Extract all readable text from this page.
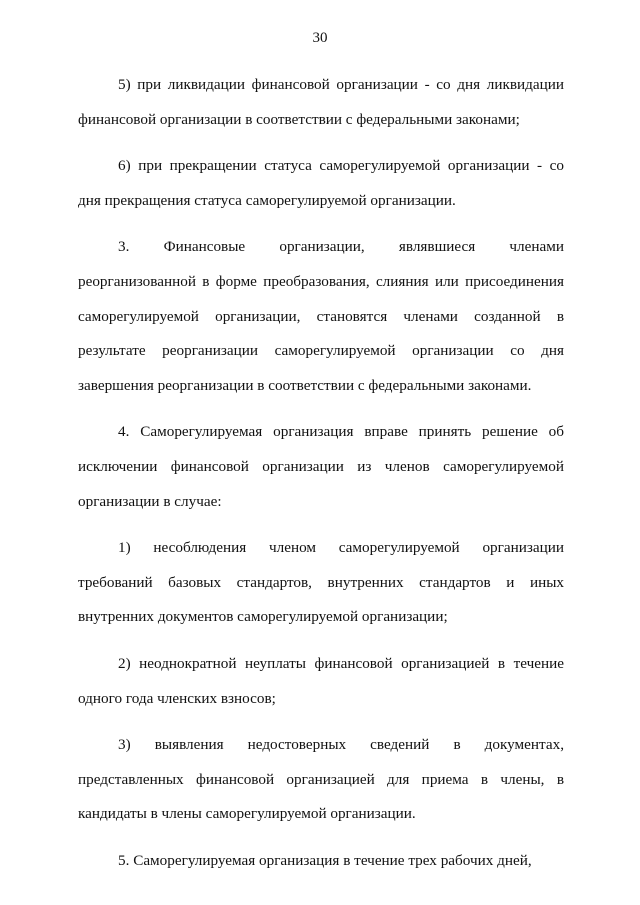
30

5) при ликвидации финансовой организации - со дня ликвидации финансовой организации в соответствии с федеральными законами;

6) при прекращении статуса саморегулируемой организации - со дня прекращения статуса саморегулируемой организации.

3. Финансовые организации, являвшиеся членами реорганизованной в форме преобразования, слияния или присоединения саморегулируемой организации, становятся членами созданной в результате реорганизации саморегулируемой организации со дня завершения реорганизации в соответствии с федеральными законами.

4. Саморегулируемая организация вправе принять решение об исключении финансовой организации из членов саморегулируемой организации в случае:

1) несоблюдения членом саморегулируемой организации требований базовых стандартов, внутренних стандартов и иных внутренних документов саморегулируемой организации;

2) неоднократной неуплаты финансовой организацией в течение одного года членских взносов;

3) выявления недостоверных сведений в документах, представленных финансовой организацией для приема в члены, в кандидаты в члены саморегулируемой организации.

5. Саморегулируемая организация в течение трех рабочих дней,
